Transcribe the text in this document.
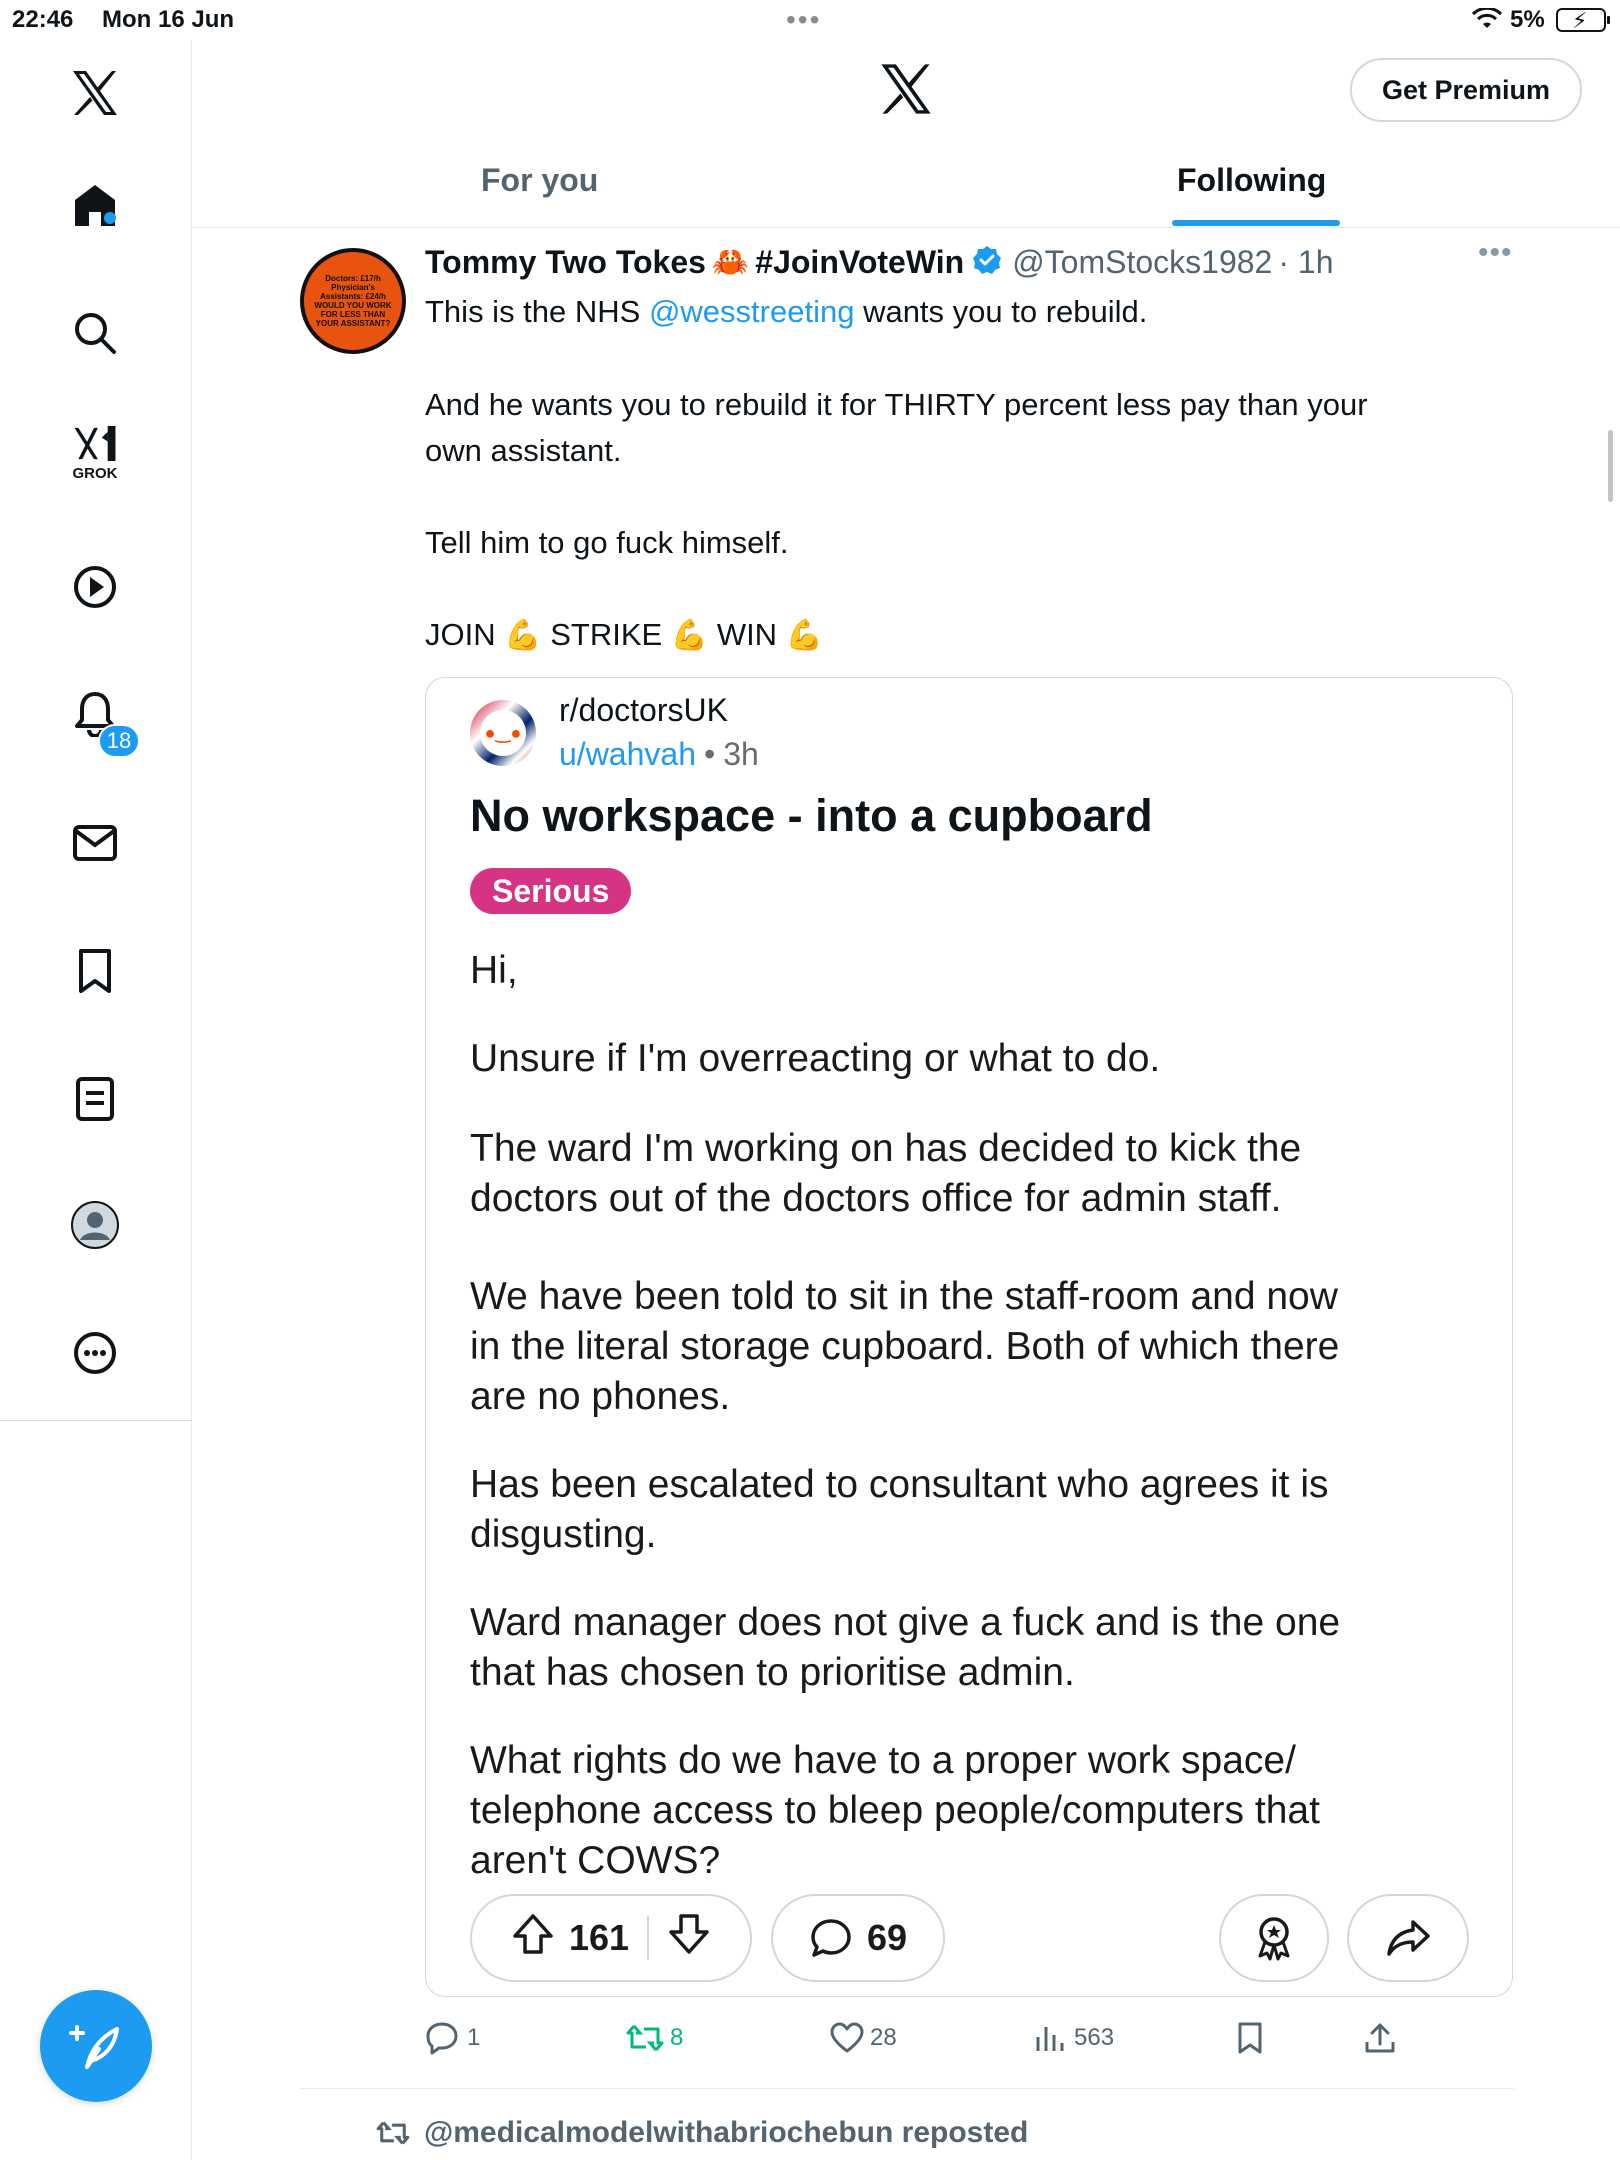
22:46 Mon 16 Jun	•••	5% ⚡
GROK
18
Get Premium
For you	Following
Doctors: £17/h
Physician's
Assistants: £24/h
WOULD YOU WORK
FOR LESS THAN
YOUR ASSISTANT?
Tommy Two Tokes 🦀 #JoinVoteWin @TomStocks1982 · 1h	•••
This is the NHS @wesstreeting wants you to rebuild.
And he wants you to rebuild it for THIRTY percent less pay than your
own assistant.
Tell him to go fuck himself.
JOIN 💪 STRIKE 💪 WIN 💪
●‿●
r/doctorsUK
u/wahvah • 3h
No workspace - into a cupboard
Serious
Hi,
Unsure if I'm overreacting or what to do.
The ward I'm working on has decided to kick the
doctors out of the doctors office for admin staff.
We have been told to sit in the staff-room and now
in the literal storage cupboard. Both of which there
are no phones.
Has been escalated to consultant who agrees it is
disgusting.
Ward manager does not give a fuck and is the one
that has chosen to prioritise admin.
What rights do we have to a proper work space/
telephone access to bleep people/computers that
aren't COWS?
161	69
1	8	28	563
@medicalmodelwithabriochebun reposted
